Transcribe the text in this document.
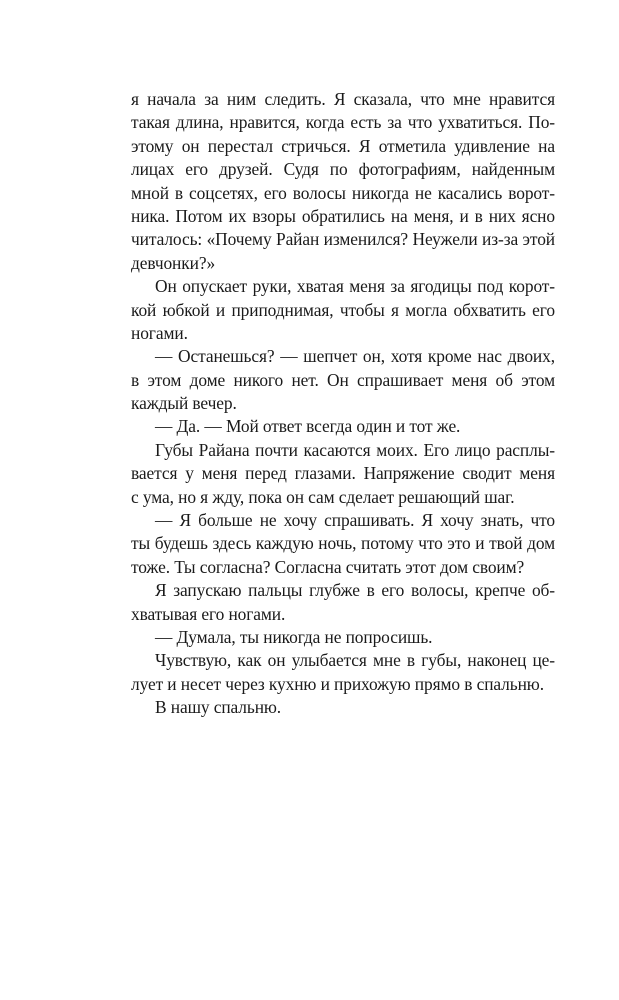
я начала за ним следить. Я сказала, что мне нравится
такая длина, нравится, когда есть за что ухватиться. По-
этому он перестал стричься. Я отметила удивление на
лицах его друзей. Судя по фотографиям, найденным
мной в соцсетях, его волосы никогда не касались ворот-
ника. Потом их взоры обратились на меня, и в них ясно
читалось: «Почему Райан изменился? Неужели из-за этой
девчонки?»
Он опускает руки, хватая меня за ягодицы под корот-
кой юбкой и приподнимая, чтобы я могла обхватить его
ногами.
— Останешься? — шепчет он, хотя кроме нас двоих,
в этом доме никого нет. Он спрашивает меня об этом
каждый вечер.
— Да. — Мой ответ всегда один и тот же.
Губы Райана почти касаются моих. Его лицо расплы-
вается у меня перед глазами. Напряжение сводит меня
с ума, но я жду, пока он сам сделает решающий шаг.
— Я больше не хочу спрашивать. Я хочу знать, что
ты будешь здесь каждую ночь, потому что это и твой дом
тоже. Ты согласна? Согласна считать этот дом своим?
Я запускаю пальцы глубже в его волосы, крепче об-
хватывая его ногами.
— Думала, ты никогда не попросишь.
Чувствую, как он улыбается мне в губы, наконец це-
лует и несет через кухню и прихожую прямо в спальню.
В нашу спальню.
